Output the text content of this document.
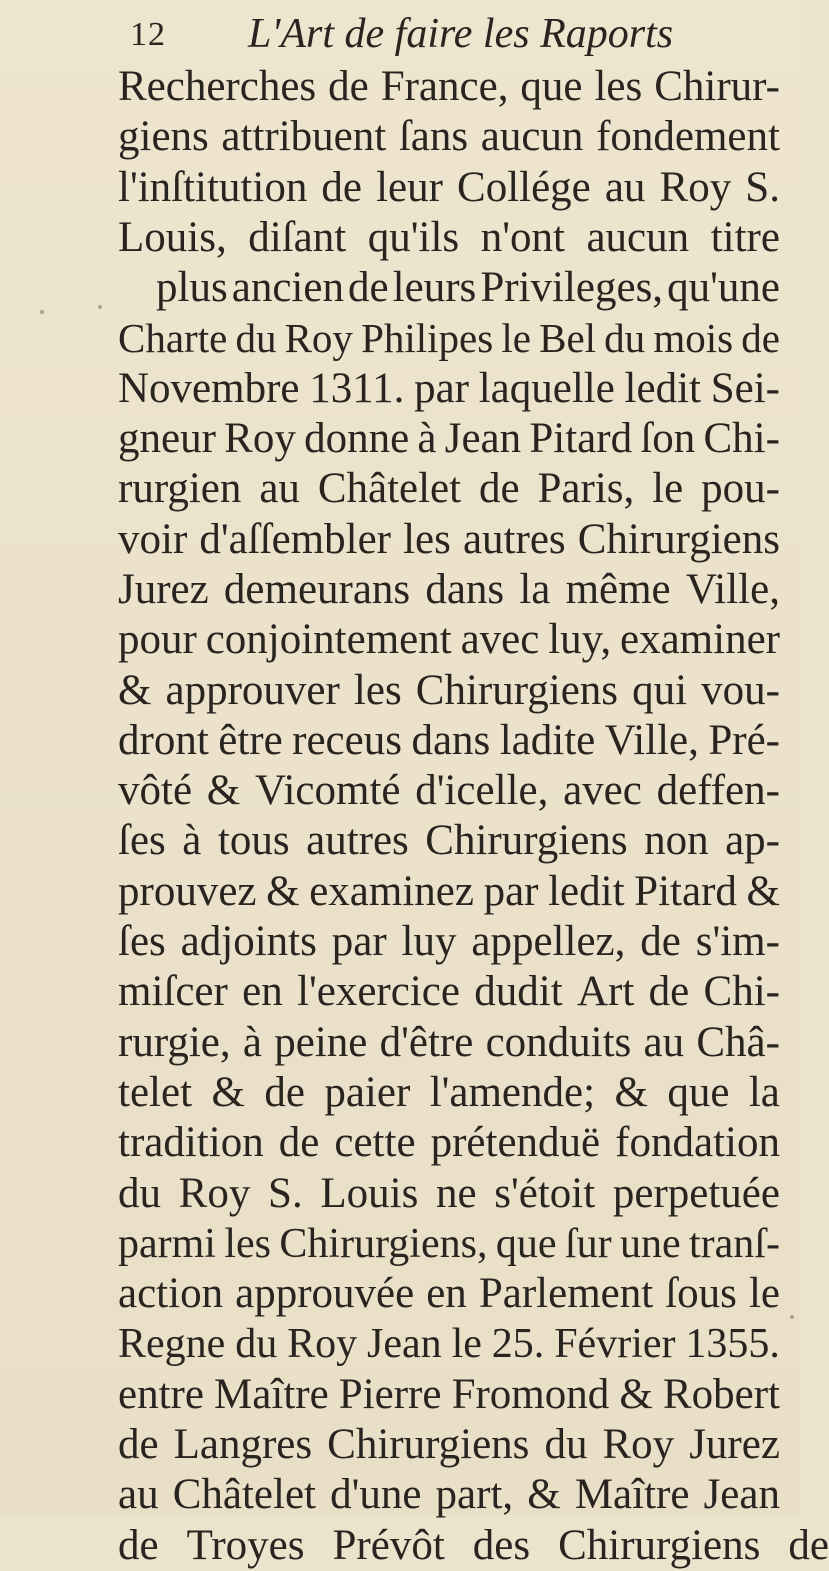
12 L'Art de faire les Raports
Recherches de France, que les Chirur-
giens attribuent ſans aucun fondement
l'inſtitution de leur Collége au Roy S.
Louis, diſant qu'ils n'ont aucun titre
plus ancien de leurs Privileges, qu'une
Charte du Roy Philipes le Bel du mois de
Novembre 1311. par laquelle ledit Sei-
gneur Roy donne à Jean Pitard ſon Chi-
rurgien au Châtelet de Paris, le pou-
voir d'aſſembler les autres Chirurgiens
Jurez demeurans dans la même Ville,
pour conjointement avec luy, examiner
& approuver les Chirurgiens qui vou-
dront être receus dans ladite Ville, Pré-
vôté & Vicomté d'icelle, avec deffen-
ſes à tous autres Chirurgiens non ap-
prouvez & examinez par ledit Pitard &
ſes adjoints par luy appellez, de s'im-
miſcer en l'exercice dudit Art de Chi-
rurgie, à peine d'être conduits au Châ-
telet & de paier l'amende; & que la
tradition de cette prétenduë fondation
du Roy S. Louis ne s'étoit perpetuée
parmi les Chirurgiens, que ſur une tranſ-
action approuvée en Parlement ſous le
Regne du Roy Jean le 25. Février 1355.
entre Maître Pierre Fromond & Robert
de Langres Chirurgiens du Roy Jurez
au Châtelet d'une part, & Maître Jean
de Troyes Prévôt des Chirurgiens de
